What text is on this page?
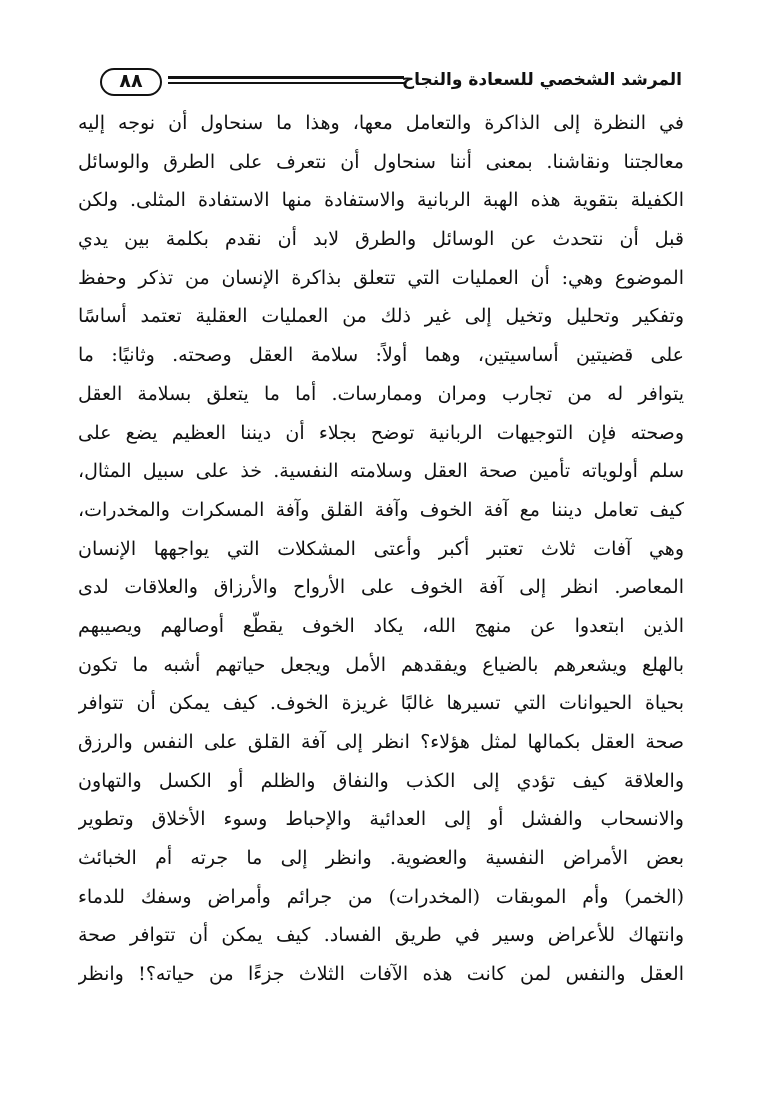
٨٨	المرشد الشخصي للسعادة والنجاح
في النظرة إلى الذاكرة والتعامل معها، وهذا ما سنحاول أن نوجه إليه
معالجتنا ونقاشنا. بمعنى أننا سنحاول أن نتعرف على الطرق والوسائل
الكفيلة بتقوية هذه الهبة الربانية والاستفادة منها الاستفادة المثلى. ولكن
قبل أن نتحدث عن الوسائل والطرق لابد أن نقدم بكلمة بين يدي
الموضوع وهي: أن العمليات التي تتعلق بذاكرة الإنسان من تذكر وحفظ
وتفكير وتحليل وتخيل إلى غير ذلك من العمليات العقلية تعتمد أساسًا
على قضيتين أساسيتين، وهما أولاً: سلامة العقل وصحته. وثانيًا: ما
يتوافر له من تجارب ومران وممارسات. أما ما يتعلق بسلامة العقل
وصحته فإن التوجيهات الربانية توضح بجلاء أن ديننا العظيم يضع على
سلم أولوياته تأمين صحة العقل وسلامته النفسية. خذ على سبيل المثال،
كيف تعامل ديننا مع آفة الخوف وآفة القلق وآفة المسكرات والمخدرات،
وهي آفات ثلاث تعتبر أكبر وأعتى المشكلات التي يواجهها الإنسان
المعاصر. انظر إلى آفة الخوف على الأرواح والأرزاق والعلاقات لدى
الذين ابتعدوا عن منهج الله، يكاد الخوف يقطّع أوصالهم ويصيبهم
بالهلع ويشعرهم بالضياع ويفقدهم الأمل ويجعل حياتهم أشبه ما تكون
بحياة الحيوانات التي تسيرها غالبًا غريزة الخوف. كيف يمكن أن تتوافر
صحة العقل بكمالها لمثل هؤلاء؟ انظر إلى آفة القلق على النفس والرزق
والعلاقة كيف تؤدي إلى الكذب والنفاق والظلم أو الكسل والتهاون
والانسحاب والفشل أو إلى العدائية والإحباط وسوء الأخلاق وتطوير
بعض الأمراض النفسية والعضوية. وانظر إلى ما جرته أم الخبائث
(الخمر) وأم الموبقات (المخدرات) من جرائم وأمراض وسفك للدماء
وانتهاك للأعراض وسير في طريق الفساد. كيف يمكن أن تتوافر صحة
العقل والنفس لمن كانت هذه الآفات الثلاث جزءًا من حياته؟! وانظر
